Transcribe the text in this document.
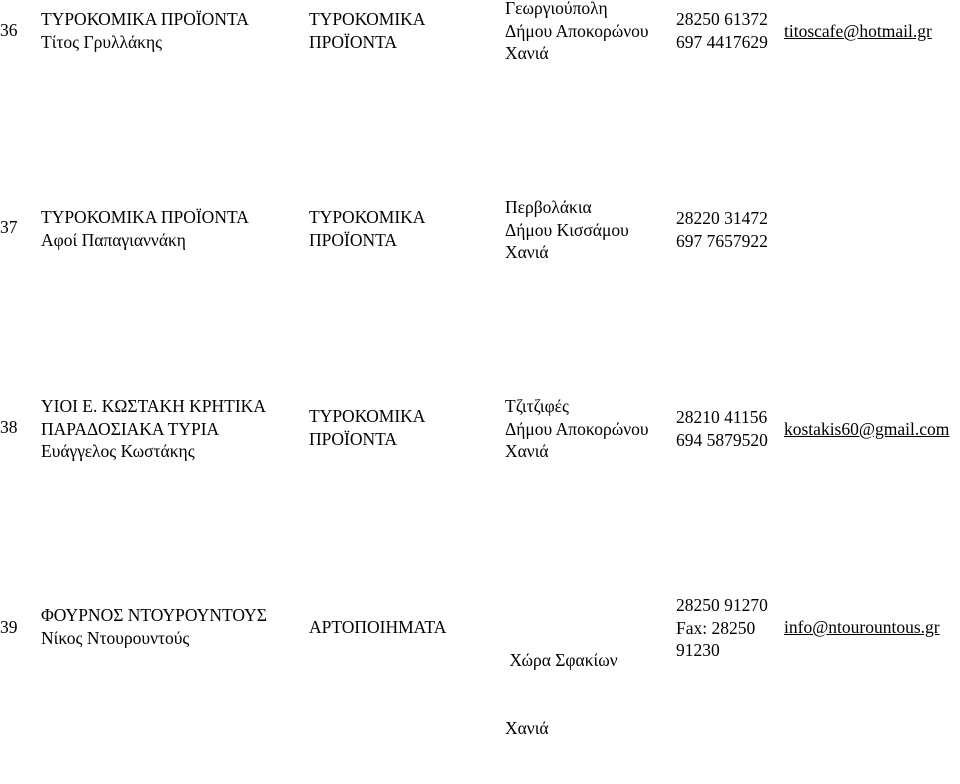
36
ΤΥΡΟΚΟΜΙΚΑ ΠΡΟΪΟΝΤΑ
Τίτος Γρυλλάκης
ΤΥΡΟΚΟΜΙΚΑ
ΠΡΟΪΟΝΤΑ
Γεωργιούπολη
Δήμου Αποκορώνου
Χανιά
28250 61372
697 4417629
titoscafe@hotmail.gr
37 ΤΥΡΟΚΟΜΙΚΑ ΠΡΟΪΟΝΤΑ
Αφοί Παπαγιαννάκη
ΤΥΡΟΚΟΜΙΚΑ
ΠΡΟΪΟΝΤΑ
Περβολάκια
Δήμου Κισσάμου
Χανιά
28220 31472
697 7657922
38
ΥΙΟΙ Ε. ΚΩΣΤΑΚΗ ΚΡΗΤΙΚΑ
ΠΑΡΑΔΟΣΙΑΚΑ ΤΥΡΙΑ
Ευάγγελος Κωστάκης
ΤΥΡΟΚΟΜΙΚΑ
ΠΡΟΪΟΝΤΑ
Τζιτζιφές
Δήμου Αποκορώνου
Χανιά
28210 41156
694 5879520
kostakis60@gmail.com
39
ΦΟΥΡΝΟΣ ΝΤΟΥΡΟΥΝΤΟΥΣ
Νίκος Ντουρουντούς
ΑΡΤΟΠΟΙΗΜΑΤΑ

Χώρα Σφακίων

Χανιά

28250 91270
Fax: 28250
91230
info@ntourountous.gr
